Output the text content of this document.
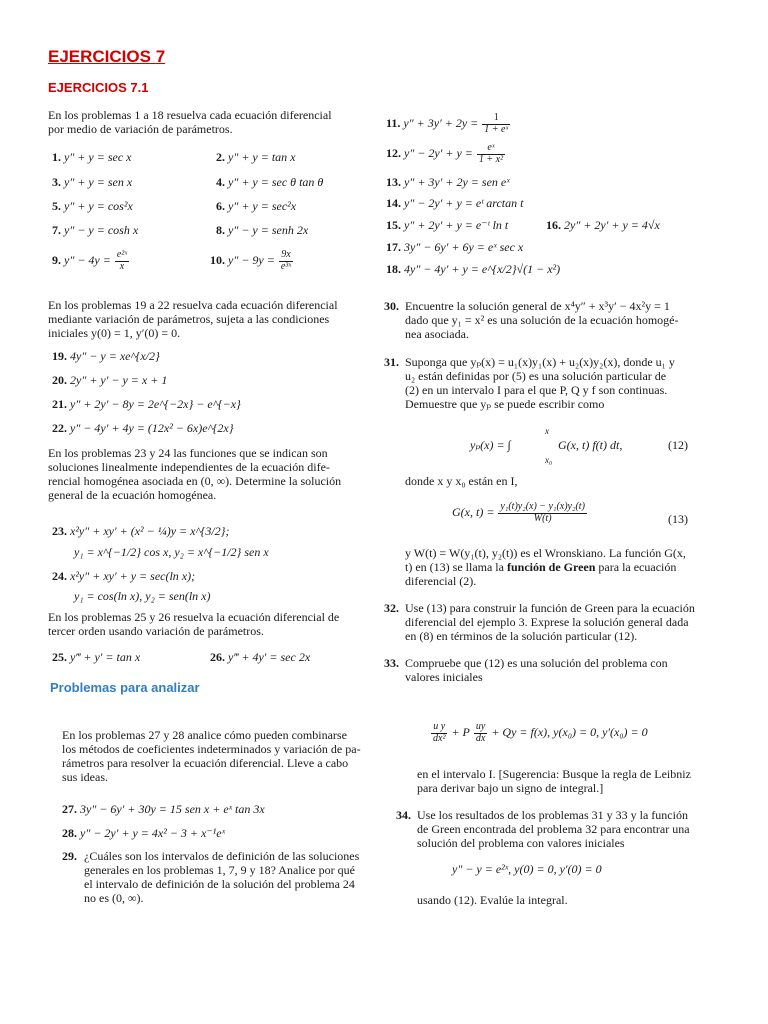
EJERCICIOS 7
EJERCICIOS 7.1
En los problemas 1 a 18 resuelva cada ecuación diferencial
por medio de variación de parámetros.
1. y″ + y = sec x	2. y″ + y = tan x
3. y″ + y = sen x	4. y″ + y = sec θ tan θ
5. y″ + y = cos²x	6. y″ + y = sec²x
7. y″ − y = cosh x	8. y″ − y = senh 2x
9. $y'' - 4y = \frac{\text{e²ˣ}}{x}$	10. $y'' - 9y = \frac{9x}{\text{e³ˣ}}$
En los problemas 19 a 22 resuelva cada ecuación diferencial
mediante variación de parámetros, sujeta a las condiciones
iniciales y(0) = 1, y′(0) = 0.
19. 4y″ − y = xe^{x/2}
20. 2y″ + y′ − y = x + 1
21. y″ + 2y′ − 8y = 2e^{−2x} − e^{−x}
22. y″ − 4y′ + 4y = (12x² − 6x)e^{2x}
En los problemas 23 y 24 las funciones que se indican son
soluciones linealmente independientes de la ecuación dife-
rencial homogénea asociada en (0, ∞). Determine la solución
general de la ecuación homogénea.
23. x²y″ + xy′ + (x² − ¼)y = x^{3/2};
y₁ = x^{−1/2} cos x, y₂ = x^{−1/2} sen x
24. x²y″ + xy′ + y = sec(ln x);
y₁ = cos(ln x), y₂ = sen(ln x)
En los problemas 25 y 26 resuelva la ecuación diferencial de
tercer orden usando variación de parámetros.
25. y‴ + y′ = tan x	26. y‴ + 4y′ = sec 2x
Problemas para analizar
En los problemas 27 y 28 analice cómo pueden combinarse
los métodos de coeficientes indeterminados y variación de pa-
rámetros para resolver la ecuación diferencial. Lleve a cabo
sus ideas.
27. 3y″ − 6y′ + 30y = 15 sen x + eˣ tan 3x
28. y″ − 2y′ + y = 4x² − 3 + x⁻¹eˣ
29. ¿Cuáles son los intervalos de definición de las soluciones
generales en los problemas 1, 7, 9 y 18? Analice por qué
el intervalo de definición de la solución del problema 24
no es (0, ∞).
11. $y'' + 3y' + 2y = \frac{1}{\text{1 + eˣ}}$
12. $y'' - 2y' + y = \frac{\text{eˣ}}{\text{1 + x²}}$
13. y″ + 3y′ + 2y = sen eˣ
14. y″ − 2y′ + y = eᵗ arctan t
15. y″ + 2y′ + y = e⁻ᵗ ln t	16. 2y″ + 2y′ + y = 4√x
17. 3y″ − 6y′ + 6y = eˣ sec x
18. 4y″ − 4y′ + y = e^{x/2}√(1 − x²)
30. Encuentre la solución general de x⁴y″ + x³y′ − 4x²y = 1
dado que y₁ = x² es una solución de la ecuación homogé-
nea asociada.
31. Suponga que yₚ(x) = u₁(x)y₁(x) + u₂(x)y₂(x), donde u₁ y
u₂ están definidas por (5) es una solución particular de
(2) en un intervalo I para el que P, Q y f son continuas.
Demuestre que yₚ se puede escribir como
yₚ(x) = ∫
x
x₀
G(x, t) f(t) dt,	(12)
donde x y x₀ están en I,
G(x, $t) = \frac{\text{y₁(t)y₂(x) − y₁(x)y₂(t)}}{W(t)}$	(13)
y W(t) = W(y₁(t), y₂(t)) es el Wronskiano. La función G(x,
t) en (13) se llama la función de Green para la ecuación
diferencial (2).
32. Use (13) para construir la función de Green para la ecuación
diferencial del ejemplo 3. Exprese la solución general dada
en (8) en términos de la solución particular (12).
33. Compruebe que (12) es una solución del problema con
valores iniciales
$\frac{\text{u y}}{\text{dx²}} + P \frac{uy}{dx} + Qy = f(x)$, y(x₀) = 0, y′(x₀) = 0
en el intervalo I. [Sugerencia: Busque la regla de Leibniz
para derivar bajo un signo de integral.]
34. Use los resultados de los problemas 31 y 33 y la función
de Green encontrada del problema 32 para encontrar una
solución del problema con valores iniciales
y″ − y = e²ˣ, y(0) = 0, y′(0) = 0
usando (12). Evalúe la integral.
